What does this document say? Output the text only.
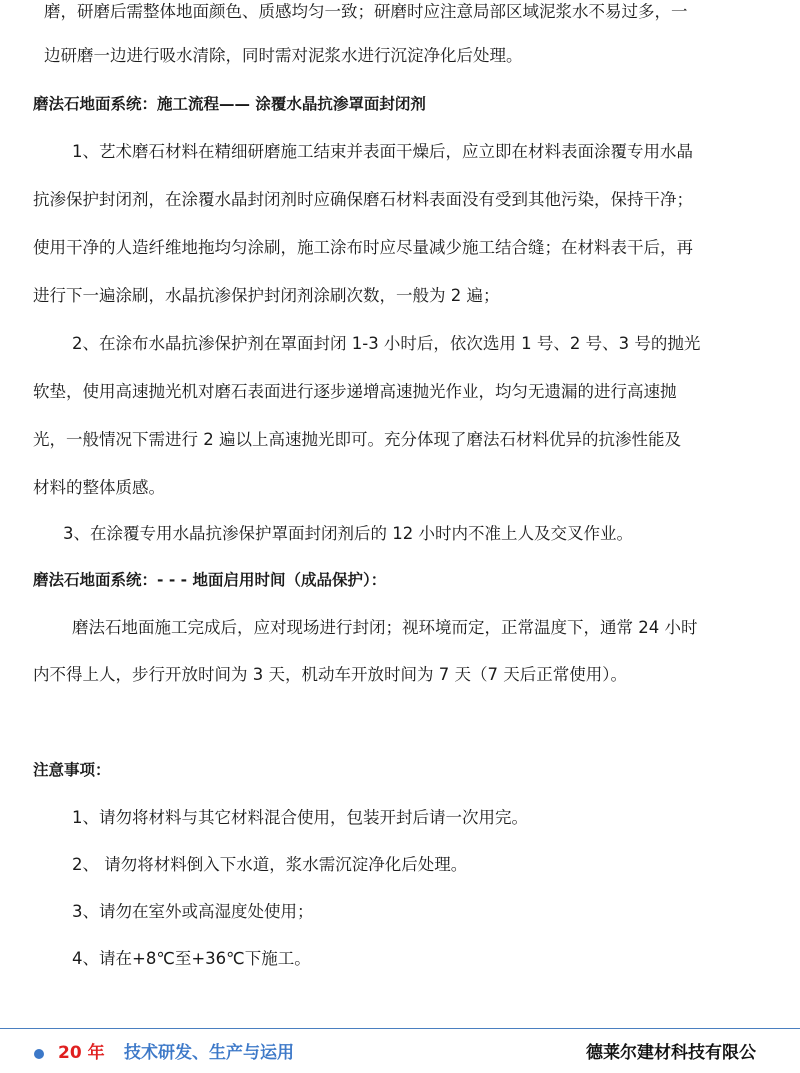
磨，研磨后需整体地面颜色、质感均匀一致；研磨时应注意局部区域泥浆水不易过多，一
边研磨一边进行吸水清除，同时需对泥浆水进行沉淀净化后处理。
磨法石地面系统：施工流程—— 涂覆水晶抗渗罩面封闭剂
1、艺术磨石材料在精细研磨施工结束并表面干燥后，应立即在材料表面涂覆专用水晶
抗渗保护封闭剂，在涂覆水晶封闭剂时应确保磨石材料表面没有受到其他污染，保持干净；
使用干净的人造纤维地拖均匀涂刷，施工涂布时应尽量减少施工结合缝；在材料表干后，再
进行下一遍涂刷，水晶抗渗保护封闭剂涂刷次数，一般为 2 遍；
2、在涂布水晶抗渗保护剂在罩面封闭 1-3 小时后，依次选用 1 号、2 号、3 号的抛光
软垫，使用高速抛光机对磨石表面进行逐步递增高速抛光作业，均匀无遗漏的进行高速抛
光，一般情况下需进行 2 遍以上高速抛光即可。充分体现了磨法石材料优异的抗渗性能及
材料的整体质感。
3、在涂覆专用水晶抗渗保护罩面封闭剂后的 12 小时内不准上人及交叉作业。
磨法石地面系统：- - - 地面启用时间（成品保护）：
磨法石地面施工完成后，应对现场进行封闭；视环境而定，正常温度下，通常 24 小时
内不得上人，步行开放时间为 3 天，机动车开放时间为 7 天（7 天后正常使用）。
注意事项：
1、请勿将材料与其它材料混合使用，包装开封后请一次用完。
2、 请勿将材料倒入下水道，浆水需沉淀净化后处理。
3、请勿在室外或高湿度处使用；
4、请在+8℃至+36℃下施工。
20 年 技术研发、生产与运用	德莱尔建材科技有限公
